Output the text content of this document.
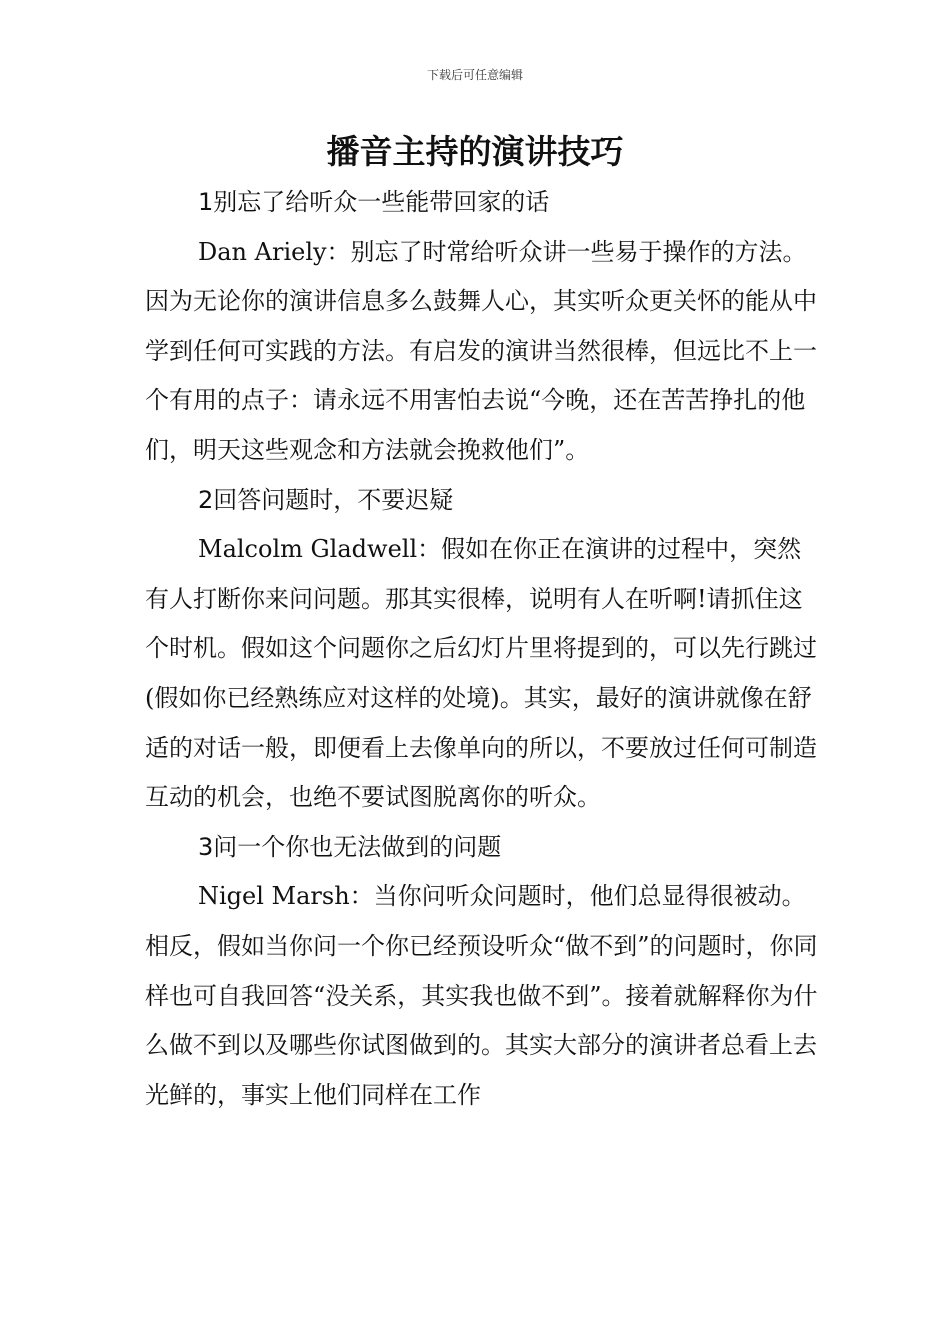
下载后可任意编辑
播音主持的演讲技巧

1别忘了给听众一些能带回家的话

Dan Ariely：别忘了时常给听众讲一些易于操作的方法。因为无论你的演讲信息多么鼓舞人心，其实听众更关怀的能从中学到任何可实践的方法。有启发的演讲当然很棒，但远比不上一个有用的点子：请永远不用害怕去说“今晚，还在苦苦挣扎的他们，明天这些观念和方法就会挽救他们”。

2回答问题时，不要迟疑

Malcolm Gladwell：假如在你正在演讲的过程中，突然有人打断你来问问题。那其实很棒，说明有人在听啊!请抓住这个时机。假如这个问题你之后幻灯片里将提到的，可以先行跳过(假如你已经熟练应对这样的处境)。其实，最好的演讲就像在舒适的对话一般，即便看上去像单向的所以，不要放过任何可制造互动的机会，也绝不要试图脱离你的听众。

3问一个你也无法做到的问题

Nigel Marsh：当你问听众问题时，他们总显得很被动。相反，假如当你问一个你已经预设听众“做不到”的问题时，你同样也可自我回答“没关系，其实我也做不到”。接着就解释你为什么做不到以及哪些你试图做到的。其实大部分的演讲者总看上去光鲜的，事实上他们同样在工作
